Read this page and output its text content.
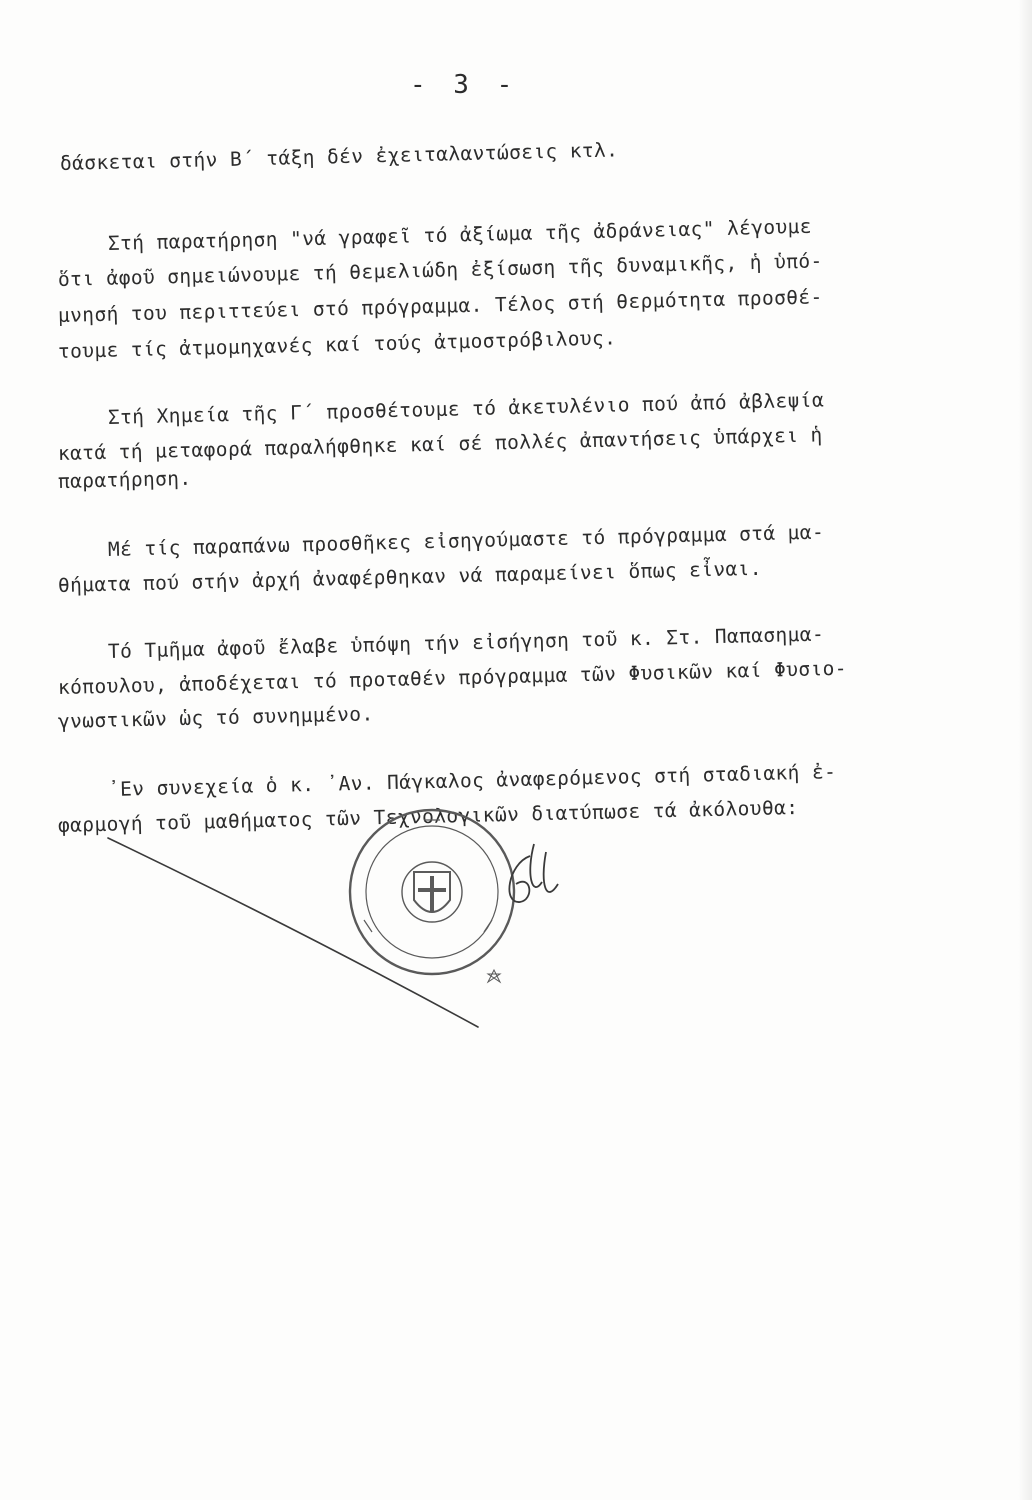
- 3 -
δάσκεται στήν Β΄ τάξη δέν ἐχειταλαντώσεις κτλ.
Στή παρατήρηση "νά γραφεῖ τό ἀξίωμα τῆς ἀδράνειας" λέγουμε
ὅτι ἀφοῦ σημειώνουμε τή θεμελιώδη ἐξίσωση τῆς δυναμικῆς, ἡ ὑπό-
μνησή του περιττεύει στό πρόγραμμα. Τέλος στή θερμότητα προσθέ-
τουμε τίς ἀτμομηχανές καί τούς ἀτμοστρόβιλους.
Στή Χημεία τῆς Γ΄ προσθέτουμε τό ἀκετυλένιο πού ἀπό ἀβλεψία
κατά τή μεταφορά παραλήφθηκε καί σέ πολλές ἀπαντήσεις ὑπάρχει ἡ
παρατήρηση.
Μέ τίς παραπάνω προσθῆκες εἰσηγούμαστε τό πρόγραμμα στά μα-
θήματα πού στήν ἀρχή ἀναφέρθηκαν νά παραμείνει ὅπως εἶναι.
Τό Τμῆμα ἀφοῦ ἔλαβε ὑπόψη τήν εἰσήγηση τοῦ κ. Στ. Παπασημα-
κόπουλου, ἀποδέχεται τό προταθέν πρόγραμμα τῶν Φυσικῶν καί Φυσιο-
γνωστικῶν ὡς τό συνημμένο.
᾽Εν συνεχεία ὁ κ. ᾽Αν. Πάγκαλος ἀναφερόμενος στή σταδιακή ἐ-
φαρμογή τοῦ μαθήματος τῶν Τεχνολογικῶν διατύπωσε τά ἀκόλουθα:
